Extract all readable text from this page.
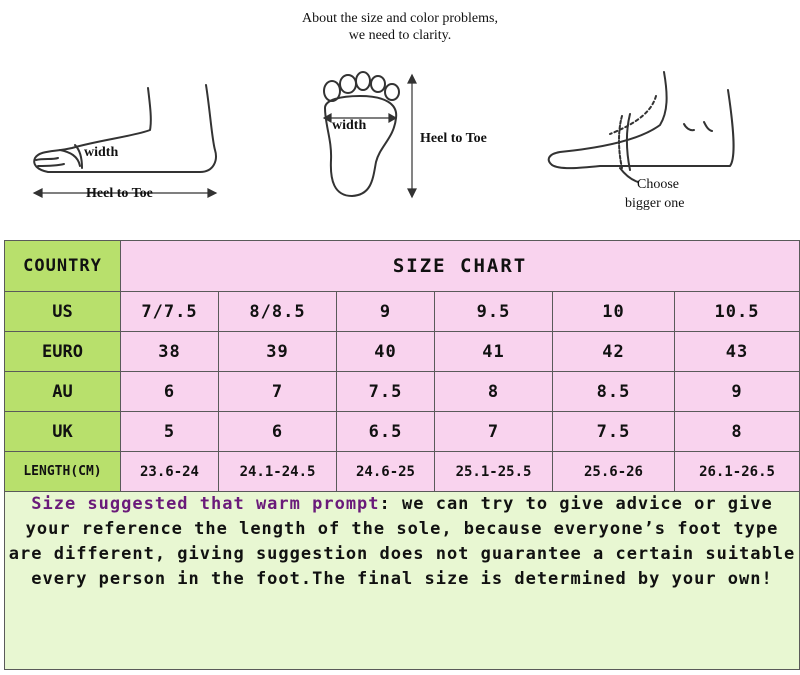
About the size and color problems,
we need to clarity.
width
Heel to Toe
width
Heel to Toe
Choose
bigger one
COUNTRY	SIZE CHART					
US	7/7.5	8/8.5	9	9.5	10	10.5
EURO	38	39	40	41	42	43
AU	6	7	7.5	8	8.5	9
UK	5	6	6.5	7	7.5	8
LENGTH(CM)	23.6-24	24.1-24.5	24.6-25	25.1-25.5	25.6-26	26.1-26.5
Size suggested that warm prompt: we can try to give advice or give your reference the length of the sole, because everyone’s foot type are different, giving suggestion does not guarantee a certain suitable every person in the foot.The final size is determined by your own!						
